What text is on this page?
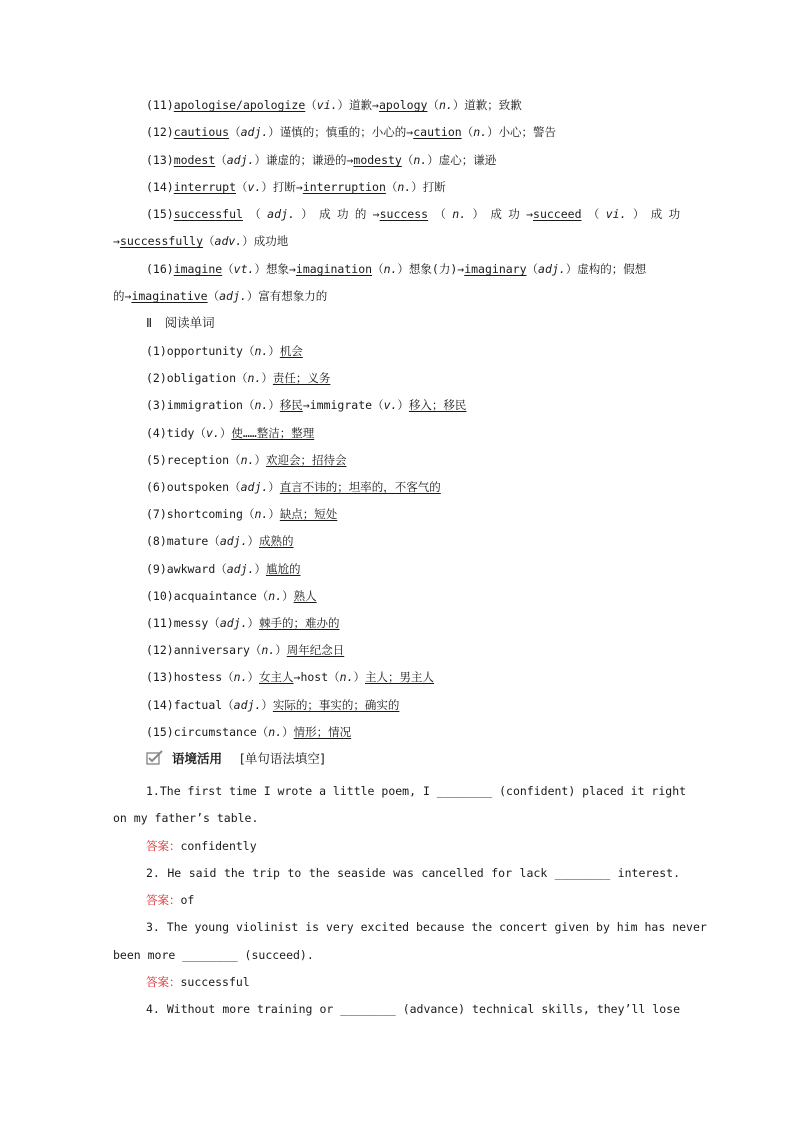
(11)apologise/apologize（vi.）道歉→apology（n.）道歉；致歉
(12)cautious（adj.）谨慎的；慎重的；小心的→caution（n.）小心；警告
(13)modest（adj.）谦虚的；谦逊的→modesty（n.）虚心；谦逊
(14)interrupt（v.）打断→interruption（n.）打断
(15)successful（adj.）成功的→success（n.）成功→succeed（vi.）成功
→successfully（adv.）成功地
(16)imagine（vt.）想象→imagination（n.）想象(力)→imaginary（adj.）虚构的；假想
的→imaginative（adj.）富有想象力的
Ⅱ　阅读单词
(1)opportunity（n.）机会
(2)obligation（n.）责任；义务
(3)immigration（n.）移民→immigrate（v.）移入；移民
(4)tidy（v.）使……整洁；整理
(5)reception（n.）欢迎会；招待会
(6)outspoken（adj.）直言不讳的；坦率的，不客气的
(7)shortcoming（n.）缺点；短处
(8)mature（adj.）成熟的
(9)awkward（adj.）尴尬的
(10)acquaintance（n.）熟人
(11)messy（adj.）棘手的；难办的
(12)anniversary（n.）周年纪念日
(13)hostess（n.）女主人→host（n.）主人；男主人
(14)factual（adj.）实际的；事实的；确实的
(15)circumstance（n.）情形；情况
语境活用 [单句语法填空]
1.The first time I wrote a little poem, I ________ (confident) placed it right
on my father’s table.
答案：confidently
2. He said the trip to the seaside was cancelled for lack ________ interest.
答案：of
3. The young violinist is very excited because the concert given by him has never
been more ________ (succeed).
答案：successful
4. Without more training or ________ (advance) technical skills, they’ll lose
